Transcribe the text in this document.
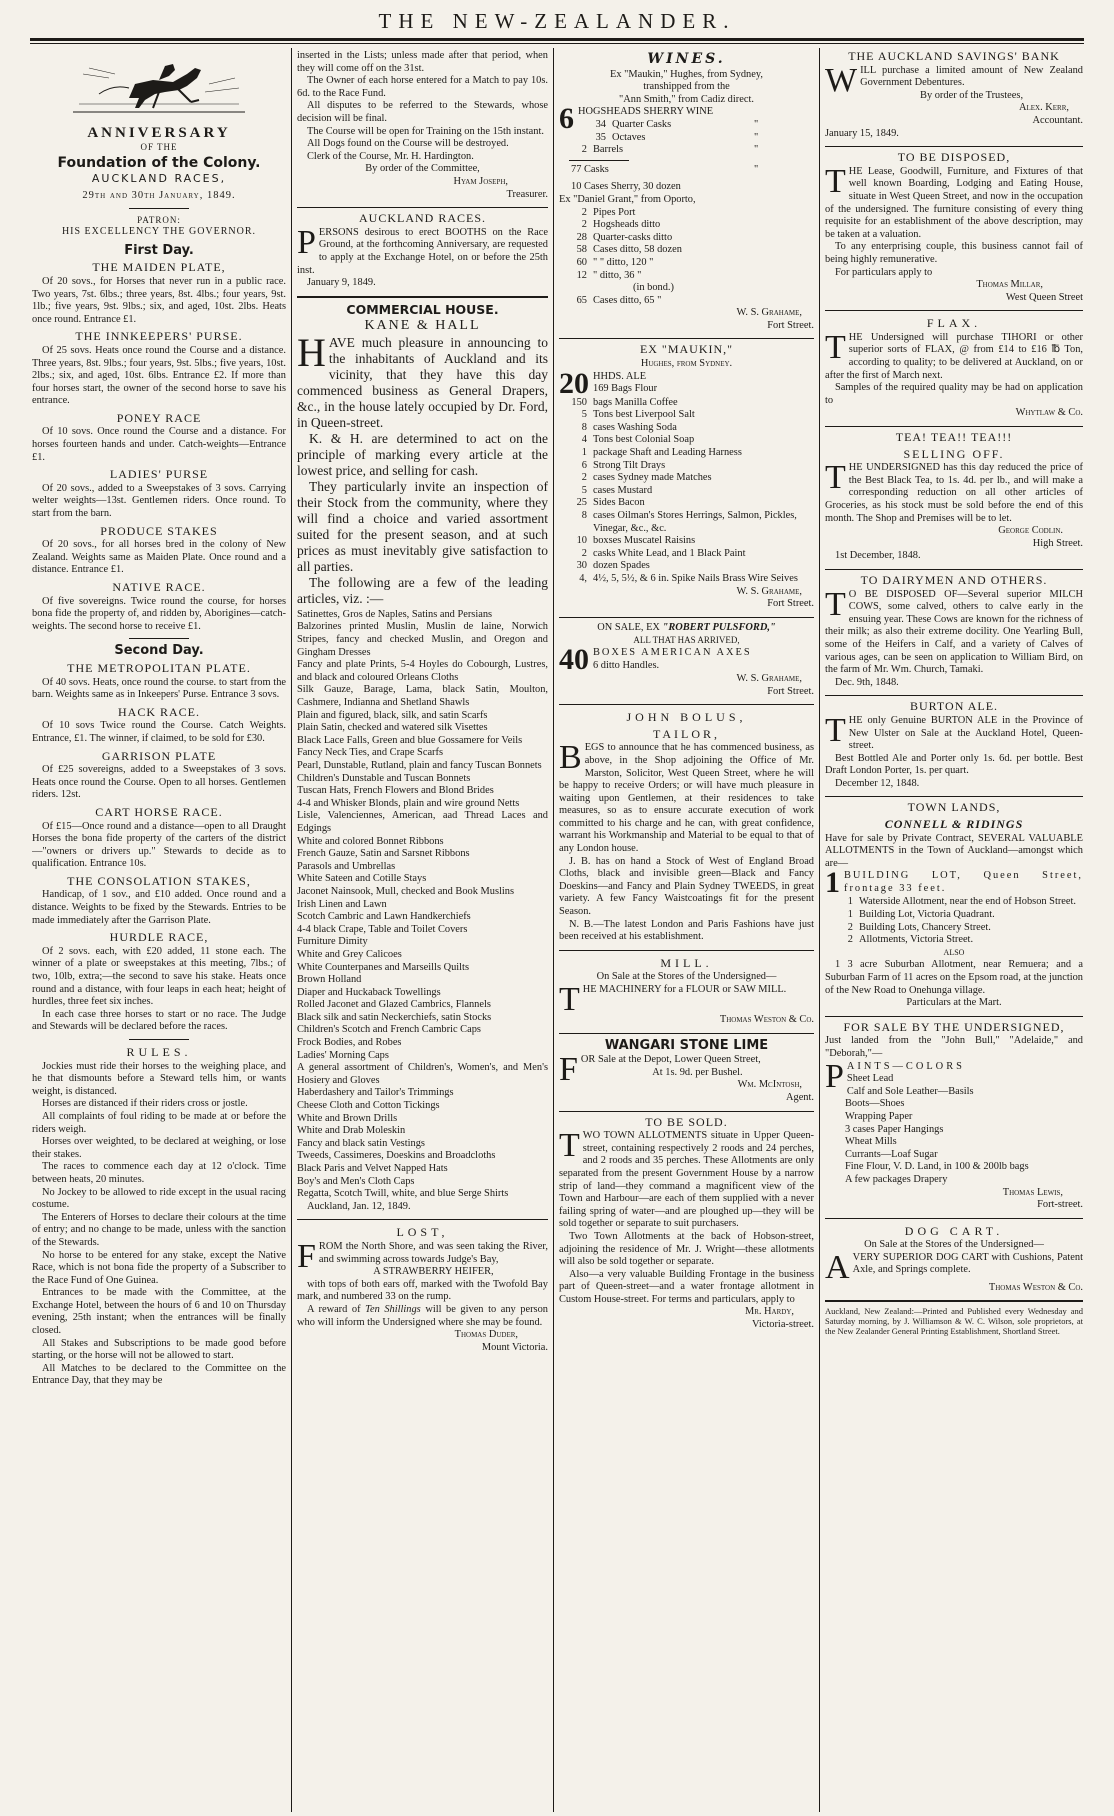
THE NEW-ZEALANDER.
ANNIVERSARY
OF THE
Foundation of the Colony.
AUCKLAND RACES,
29th and 30th January, 1849.
PATRON:
HIS EXCELLENCY THE GOVERNOR.
First Day.
THE MAIDEN PLATE,

Of 20 sovs., for Horses that never run in a public race. Two years, 7st. 6lbs.; three years, 8st. 4lbs.; four years, 9st. 1lb.; five years, 9st. 9lbs.; six, and aged, 10st. 2lbs. Heats once round. Entrance £1.

THE INNKEEPERS' PURSE.

Of 25 sovs. Heats once round the Course and a distance. Three years, 8st. 9lbs.; four years, 9st. 5lbs.; five years, 10st. 2lbs.; six, and aged, 10st. 6lbs. Entrance £2. If more than four horses start, the owner of the second horse to save his entrance.

PONEY RACE

Of 10 sovs. Once round the Course and a distance. For horses fourteen hands and under. Catch-weights—Entrance £1.

LADIES' PURSE

Of 20 sovs., added to a Sweepstakes of 3 sovs. Carrying welter weights—13st. Gentlemen riders. Once round. To start from the barn.

PRODUCE STAKES

Of 20 sovs., for all horses bred in the colony of New Zealand. Weights same as Maiden Plate. Once round and a distance. Entrance £1.

NATIVE RACE.

Of five sovereigns. Twice round the course, for horses bona fide the property of, and ridden by, Aborigines—catch-weights. The second horse to receive £1.

Second Day.
THE METROPOLITAN PLATE.

Of 40 sovs. Heats, once round the course. to start from the barn. Weights same as in Inkeepers' Purse. Entrance 3 sovs.

HACK RACE.

Of 10 sovs Twice round the Course. Catch Weights. Entrance, £1. The winner, if claimed, to be sold for £30.

GARRISON PLATE

Of £25 sovereigns, added to a Sweepstakes of 3 sovs. Heats once round the Course. Open to all horses. Gentlemen riders. 12st.

CART HORSE RACE.

Of £15—Once round and a distance—open to all Draught Horses the bona fide property of the carters of the district—"owners or drivers up." Stewards to decide as to qualification. Entrance 10s.

THE CONSOLATION STAKES,

Handicap, of 1 sov., and £10 added. Once round and a distance. Weights to be fixed by the Stewards. Entries to be made immediately after the Garrison Plate.

HURDLE RACE,

Of 2 sovs. each, with £20 added, 11 stone each. The winner of a plate or sweepstakes at this meeting, 7lbs.; of two, 10lb, extra;—the second to save his stake. Heats once round and a distance, with four leaps in each heat; height of hurdles, three feet six inches.

In each case three horses to start or no race. The Judge and Stewards will be declared before the races.

RULES.

Jockies must ride their horses to the weighing place, and he that dismounts before a Steward tells him, or wants weight, is distanced.

Horses are distanced if their riders cross or jostle.

All complaints of foul riding to be made at or before the riders weigh.

Horses over weighted, to be declared at weighing, or lose their stakes.

The races to commence each day at 12 o'clock. Time between heats, 20 minutes.

No Jockey to be allowed to ride except in the usual racing costume.

The Enterers of Horses to declare their colours at the time of entry; and no change to be made, unless with the sanction of the Stewards.

No horse to be entered for any stake, except the Native Race, which is not bona fide the property of a Subscriber to the Race Fund of One Guinea.

Entrances to be made with the Committee, at the Exchange Hotel, between the hours of 6 and 10 on Thursday evening, 25th instant; when the entrances will be finally closed.

All Stakes and Subscriptions to be made good before starting, or the horse will not be allowed to start.

All Matches to be declared to the Committee on the Entrance Day, that they may be

inserted in the Lists; unless made after that period, when they will come off on the 31st.

The Owner of each horse entered for a Match to pay 10s. 6d. to the Race Fund.

All disputes to be referred to the Stewards, whose decision will be final.

The Course will be open for Training on the 15th instant.

All Dogs found on the Course will be destroyed.

Clerk of the Course, Mr. H. Hardington.

By order of the Committee,

Hyam Joseph,

Treasurer.

AUCKLAND RACES.

PERSONS desirous to erect BOOTHS on the Race Ground, at the forthcoming Anniversary, are requested to apply at the Exchange Hotel, on or before the 25th inst.

January 9, 1849.

COMMERCIAL HOUSE.
KANE & HALL

HAVE much pleasure in announcing to the inhabitants of Auckland and its vicinity, that they have this day commenced business as General Drapers, &c., in the house lately occupied by Dr. Ford, in Queen-street.

K. & H. are determined to act on the principle of marking every article at the lowest price, and selling for cash.

They particularly invite an inspection of their Stock from the community, where they will find a choice and varied assortment suited for the present season, and at such prices as must inevitably give satisfaction to all parties.

The following are a few of the leading articles, viz. :—

Satinettes, Gros de Naples, Satins and Persians

Balzorines printed Muslin, Muslin de laine, Norwich Stripes, fancy and checked Muslin, and Oregon and Gingham Dresses

Fancy and plate Prints, 5-4 Hoyles do Cobourgh, Lustres, and black and coloured Orleans Cloths

Silk Gauze, Barage, Lama, black Satin, Moulton, Cashmere, Indianna and Shetland Shawls

Plain and figured, black, silk, and satin Scarfs

Plain Satin, checked and watered silk Visettes

Black Lace Falls, Green and blue Gossamere for Veils

Fancy Neck Ties, and Crape Scarfs

Pearl, Dunstable, Rutland, plain and fancy Tuscan Bonnets

Children's Dunstable and Tuscan Bonnets

Tuscan Hats, French Flowers and Blond Brides

4-4 and Whisker Blonds, plain and wire ground Netts

Lisle, Valenciennes, American, aad Thread Laces and Edgings

White and colored Bonnet Ribbons

French Gauze, Satin and Sarsnet Ribbons

Parasols and Umbrellas

White Sateen and Cotille Stays

Jaconet Nainsook, Mull, checked and Book Muslins

Irish Linen and Lawn

Scotch Cambric and Lawn Handkerchiefs

4-4 black Crape, Table and Toilet Covers

Furniture Dimity

White and Grey Calicoes

White Counterpanes and Marseills Quilts

Brown Holland

Diaper and Huckaback Towellings

Rolled Jaconet and Glazed Cambrics, Flannels

Black silk and satin Neckerchiefs, satin Stocks

Children's Scotch and French Cambric Caps

Frock Bodies, and Robes

Ladies' Morning Caps

A general assortment of Children's, Women's, and Men's Hosiery and Gloves

Haberdashery and Tailor's Trimmings

Cheese Cloth and Cotton Tickings

White and Brown Drills

White and Drab Moleskin

Fancy and black satin Vestings

Tweeds, Cassimeres, Doeskins and Broadcloths

Black Paris and Velvet Napped Hats

Boy's and Men's Cloth Caps

Regatta, Scotch Twill, white, and blue Serge Shirts

Auckland, Jan. 12, 1849.

LOST,

FROM the North Shore, and was seen taking the River, and swimming across towards Judge's Bay,

A STRAWBERRY HEIFER,

with tops of both ears off, marked with the Twofold Bay mark, and numbered 33 on the rump.

A reward of Ten Shillings will be given to any person who will inform the Undersigned where she may be found.

Thomas Duder,

Mount Victoria.

WINES.

Ex "Maukin," Hughes, from Sydney,

transhipped from the

"Ann Smith," from Cadiz direct.

6 HOGSHEADS SHERRY WINE

34 Quarter Casks	"
35 Octaves	"
2 Barrels	"

77 Casks	"

10 Cases Sherry, 30 dozen

Ex "Daniel Grant," from Oporto,

2 Pipes Port
2 Hogsheads ditto
28 Quarter-casks ditto
58 Cases ditto, 58 dozen
60 " " ditto, 120 "
12 " ditto, 36 "
(in bond.)
65 Cases ditto, 65 "

W. S. Grahame,

Fort Street.

EX "MAUKIN,"

Hughes, from Sydney.

20 HHDS. ALE
169 Bags Flour

150 bags Manilla Coffee
5 Tons best Liverpool Salt
8 cases Washing Soda
4 Tons best Colonial Soap
1 package Shaft and Leading Harness
6 Strong Tilt Drays
2 cases Sydney made Matches
5 cases Mustard
25 Sides Bacon
8 cases Oilman's Stores Herrings, Salmon, Pickles, Vinegar, &c., &c.
10 boxses Muscatel Raisins
2 casks White Lead, and 1 Black Paint
30 dozen Spades
4, 4½, 5, 5½, & 6 in. Spike Nails Brass Wire Seives

W. S. Grahame,

Fort Street.

ON SALE, EX "ROBERT PULSFORD,"

ALL THAT HAS ARRIVED,

40 BOXES AMERICAN AXES
6 ditto Handles.

W. S. Grahame,

Fort Street.

JOHN BOLUS,
TAILOR,

BEGS to announce that he has commenced business, as above, in the Shop adjoining the Office of Mr. Marston, Solicitor, West Queen Street, where he will be happy to receive Orders; or will have much pleasure in waiting upon Gentlemen, at their residences to take measures, so as to ensure accurate execution of work committed to his charge and he can, with great confidence, warrant his Workmanship and Material to be equal to that of any London house.

J. B. has on hand a Stock of West of England Broad Cloths, black and invisible green—Black and Fancy Doeskins—and Fancy and Plain Sydney TWEEDS, in great variety. A few Fancy Waistcoatings fit for the present Season.

N. B.—The latest London and Paris Fashions have just been received at his establishment.

MILL.

On Sale at the Stores of the Undersigned—

THE MACHINERY for a FLOUR or SAW MILL.

Thomas Weston & Co.

WANGARI STONE LIME

FOR Sale at the Depot, Lower Queen Street,

At 1s. 9d. per Bushel.

Wm. McIntosh,

Agent.

TO BE SOLD.

TWO TOWN ALLOTMENTS situate in Upper Queen-street, containing respectively 2 roods and 24 perches, and 2 roods and 35 perches. These Allotments are only separated from the present Government House by a narrow strip of land—they command a magnificent view of the Town and Harbour—are each of them supplied with a never failing spring of water—and are ploughed up—they will be sold together or separate to suit purchasers.

Two Town Allotments at the back of Hobson-street, adjoining the residence of Mr. J. Wright—these allotments will also be sold together or separate.

Also—a very valuable Building Frontage in the business part of Queen-street—and a water frontage allotment in Custom House-street. For terms and particulars, apply to

Mr. Hardy,

Victoria-street.

THE AUCKLAND SAVINGS' BANK

WILL purchase a limited amount of New Zealand Government Debentures.

By order of the Trustees,

Alex. Kerr,

Accountant.

January 15, 1849.

TO BE DISPOSED,

THE Lease, Goodwill, Furniture, and Fixtures of that well known Boarding, Lodging and Eating House, situate in West Queen Street, and now in the occupation of the undersigned. The furniture consisting of every thing requisite for an establishment of the above description, may be taken at a valuation.

To any enterprising couple, this business cannot fail of being highly remunerative.

For particulars apply to

Thomas Millar,

West Queen Street

FLAX.

THE Undersigned will purchase TIHORI or other superior sorts of FLAX, @ from £14 to £16 ℔ Ton, according to quality; to be delivered at Auckland, on or after the first of March next.

Samples of the required quality may be had on application to

Whytlaw & Co.

TEA! TEA!! TEA!!!
SELLING OFF.

THE UNDERSIGNED has this day reduced the price of the Best Black Tea, to 1s. 4d. per lb., and will make a corresponding reduction on all other articles of Groceries, as his stock must be sold before the end of this month. The Shop and Premises will be to let.

George Codlin.

High Street.

1st December, 1848.

TO DAIRYMEN AND OTHERS.

T O BE DISPOSED OF—Several superior MILCH COWS, some calved, others to calve early in the ensuing year. These Cows are known for the richness of their milk; as also their extreme docility. One Yearling Bull, some of the Heifers in Calf, and a variety of Calves of various ages, can be seen on application to William Bird, on the farm of Mr. Wm. Church, Tamaki.

Dec. 9th, 1848.

BURTON ALE.

THE only Genuine BURTON ALE in the Province of New Ulster on Sale at the Auckland Hotel, Queen-street.

Best Bottled Ale and Porter only 1s. 6d. per bottle. Best Draft London Porter, 1s. per quart.

December 12, 1848.

TOWN LANDS,
CONNELL & RIDINGS

Have for sale by Private Contract, SEVERAL VALUABLE ALLOTMENTS in the Town of Auckland—amongst which are—

1 BUILDING LOT, Queen Street, frontage 33 feet.

1 Waterside Allotment, near the end of Hobson Street.
1 Building Lot, Victoria Quadrant.
2 Building Lots, Chancery Street.
2 Allotments, Victoria Street.

ALSO

1 3 acre Suburban Allotment, near Remuera; and a Suburban Farm of 11 acres on the Epsom road, at the junction of the New Road to Onehunga village.

Particulars at the Mart.

FOR SALE BY THE UNDERSIGNED,

Just landed from the "John Bull," "Adelaide," and "Deborah,"—

PAINTS—COLORS

Sheet Lead

Calf and Sole Leather—Basils

Boots—Shoes

Wrapping Paper

3 cases Paper Hangings

Wheat Mills

Currants—Loaf Sugar

Fine Flour, V. D. Land, in 100 & 200lb bags

A few packages Drapery

Thomas Lewis,

Fort-street.

DOG CART.

On Sale at the Stores of the Undersigned—

AVERY SUPERIOR DOG CART with Cushions, Patent Axle, and Springs complete.

Thomas Weston & Co.

Auckland, New Zealand:—Printed and Published every Wednesday and Saturday morning, by J. Williamson & W. C. Wilson, sole proprietors, at the New Zealander General Printing Establishment, Shortland Street.
